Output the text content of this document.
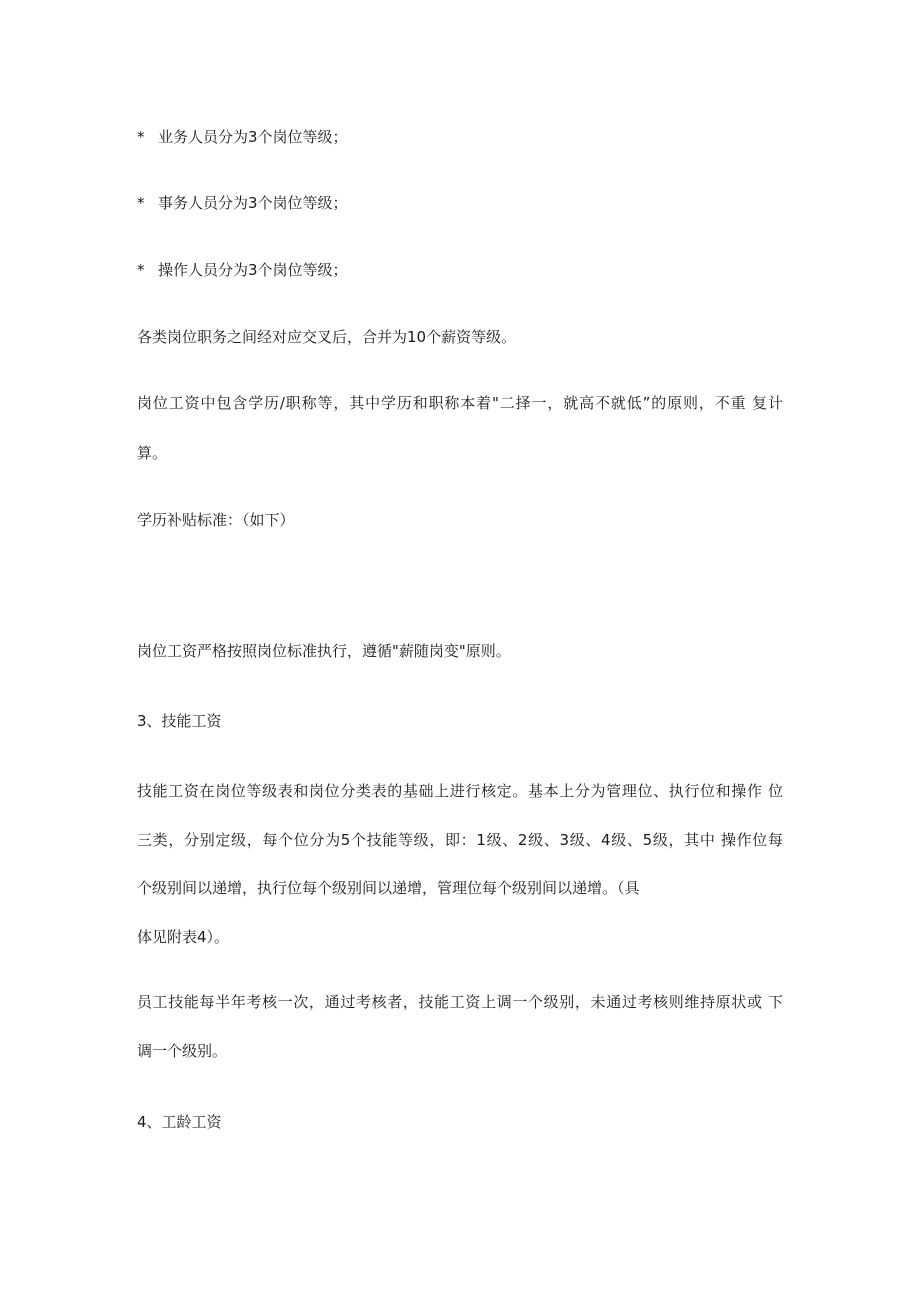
* 业务人员分为3个岗位等级；
* 事务人员分为3个岗位等级；
* 操作人员分为3个岗位等级；
各类岗位职务之间经对应交叉后，合并为10个薪资等级。
岗位工资中包含学历/职称等，其中学历和职称本着"二择一，就高不就低”的原则，不重 复计
算。
学历补贴标准：（如下）
岗位工资严格按照岗位标准执行，遵循"薪随岗变"原则。
3、技能工资
技能工资在岗位等级表和岗位分类表的基础上进行核定。基本上分为管理位、执行位和操作 位
三类，分别定级，每个位分为5个技能等级，即：1级、2级、3级、4级、5级，其中 操作位每
个级别间以递增，执行位每个级别间以递增，管理位每个级别间以递增。（具
体见附表4）。
员工技能每半年考核一次，通过考核者，技能工资上调一个级别，未通过考核则维持原状或 下
调一个级别。
4、工龄工资
